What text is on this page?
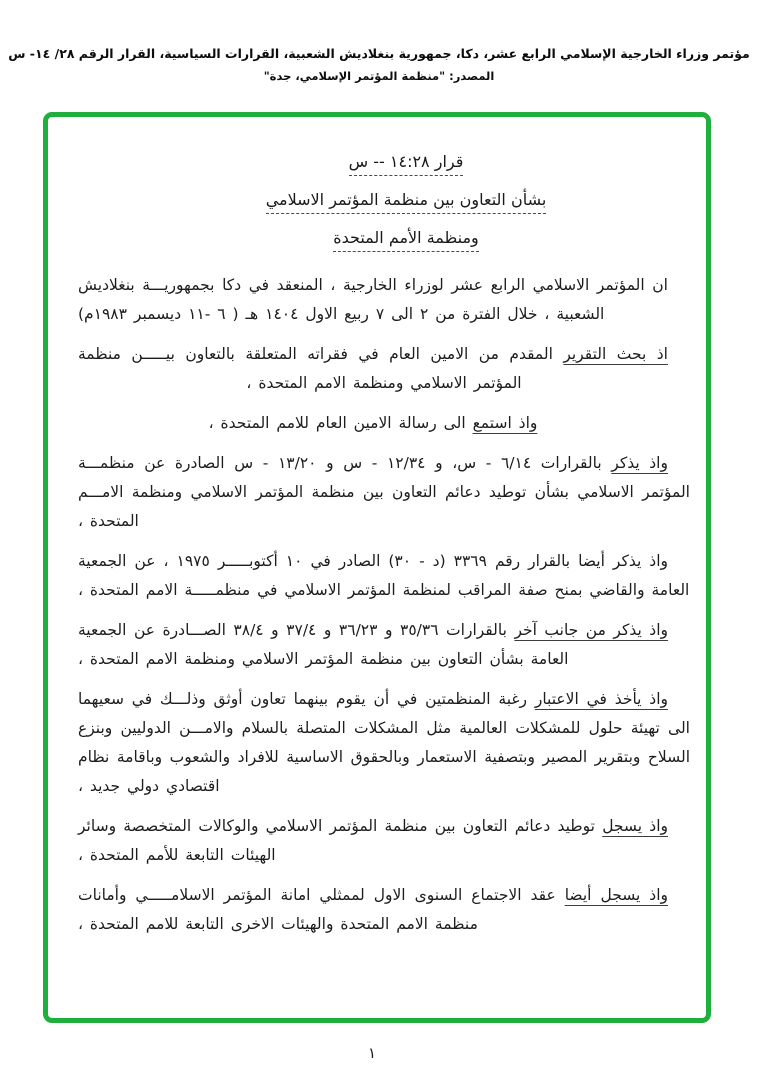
مؤتمر وزراء الخارجية الإسلامي الرابع عشر، دكا، جمهورية بنغلاديش الشعبية، القرارات السياسية، القرار الرقم ٢٨/ ١٤- س
المصدر: "منظمة المؤتمر الإسلامي، جدة"
قرار ١٤:٢٨ -- س
بشأن التعاون بين منظمة المؤتمر الاسلامي
ومنظمة الأمم المتحدة

ان المؤتمر الاسلامي الرابع عشر لوزراء الخارجية ، المنعقد في دكا بجمهوريـــة بنغلاديش الشعبية ، خلال الفترة من ٢ الى ٧ ربيع الاول ١٤٠٤ هـ ( ٦ -١١ ديسمبر ١٩٨٣م)

اذ بحث التقرير المقدم من الامين العام في فقراته المتعلقة بالتعاون بيـــــن منظمة المؤتمر الاسلامي ومنظمة الامم المتحدة ،

واذ استمع الى رسالة الامين العام للامم المتحدة ،

واذ يذكر بالقرارات ٦/١٤ - س، و ١٢/٣٤ - س و ١٣/٢٠ - س الصادرة عن منظمـــة المؤتمر الاسلامي بشأن توطيد دعائم التعاون بين منظمة المؤتمر الاسلامي ومنظمة الامـــم المتحدة ،

واذ يذكر أيضا بالقرار رقم ٣٣٦٩ (د - ٣٠) الصادر في ١٠ أكتوبـــــر ١٩٧٥ ، عن الجمعية العامة والقاضي بمنح صفة المراقب لمنظمة المؤتمر الاسلامي في منظمـــــة الامم المتحدة ،

واذ يذكر من جانب آخر بالقرارات ٣٥/٣٦ و ٣٦/٢٣ و ٣٧/٤ و ٣٨/٤ الصـــادرة عن الجمعية العامة بشأن التعاون بين منظمة المؤتمر الاسلامي ومنظمة الامم المتحدة ،

واذ يأخذ في الاعتبار رغبة المنظمتين في أن يقوم بينهما تعاون أوثق وذلـــك في سعيهما الى تهيئة حلول للمشكلات العالمية مثل المشكلات المتصلة بالسلام والامـــن الدوليين وبنزع السلاح وبتقرير المصير وبتصفية الاستعمار وبالحقوق الاساسية للافراد والشعوب وباقامة نظام اقتصادي دولي جديد ،

واذ يسجل توطيد دعائم التعاون بين منظمة المؤتمر الاسلامي والوكالات المتخصصة وسائر الهيئات التابعة للأمم المتحدة ،

واذ يسجل أيضا عقد الاجتماع السنوى الاول لممثلي امانة المؤتمر الاسلامـــــي وأمانات منظمة الامم المتحدة والهيئات الاخرى التابعة للامم المتحدة ،

١
